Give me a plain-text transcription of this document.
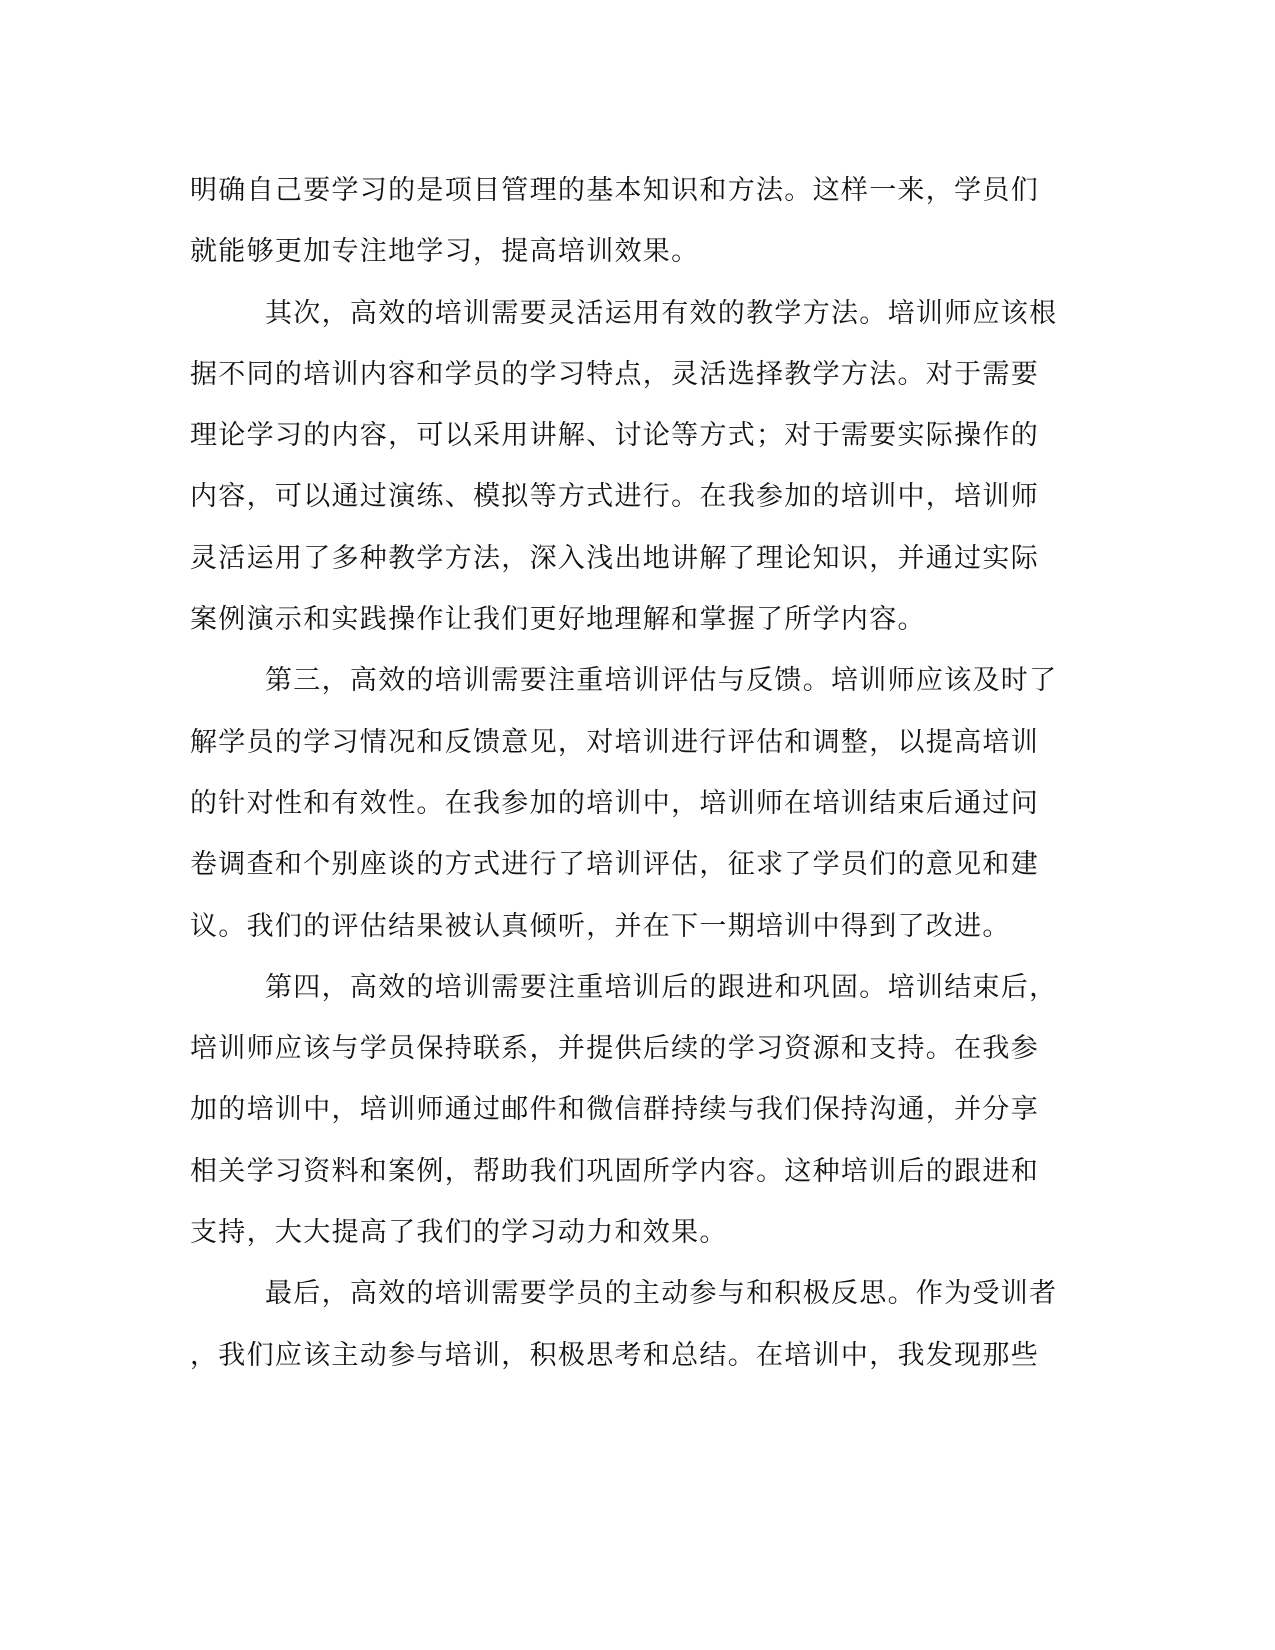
明确自己要学习的是项目管理的基本知识和方法。这样一来，学员们
就能够更加专注地学习，提高培训效果。
其次，高效的培训需要灵活运用有效的教学方法。培训师应该根
据不同的培训内容和学员的学习特点，灵活选择教学方法。对于需要
理论学习的内容，可以采用讲解、讨论等方式；对于需要实际操作的
内容，可以通过演练、模拟等方式进行。在我参加的培训中，培训师
灵活运用了多种教学方法，深入浅出地讲解了理论知识，并通过实际
案例演示和实践操作让我们更好地理解和掌握了所学内容。
第三，高效的培训需要注重培训评估与反馈。培训师应该及时了
解学员的学习情况和反馈意见，对培训进行评估和调整，以提高培训
的针对性和有效性。在我参加的培训中，培训师在培训结束后通过问
卷调查和个别座谈的方式进行了培训评估，征求了学员们的意见和建
议。我们的评估结果被认真倾听，并在下一期培训中得到了改进。
第四，高效的培训需要注重培训后的跟进和巩固。培训结束后，
培训师应该与学员保持联系，并提供后续的学习资源和支持。在我参
加的培训中，培训师通过邮件和微信群持续与我们保持沟通，并分享
相关学习资料和案例，帮助我们巩固所学内容。这种培训后的跟进和
支持，大大提高了我们的学习动力和效果。
最后，高效的培训需要学员的主动参与和积极反思。作为受训者
，我们应该主动参与培训，积极思考和总结。在培训中，我发现那些
